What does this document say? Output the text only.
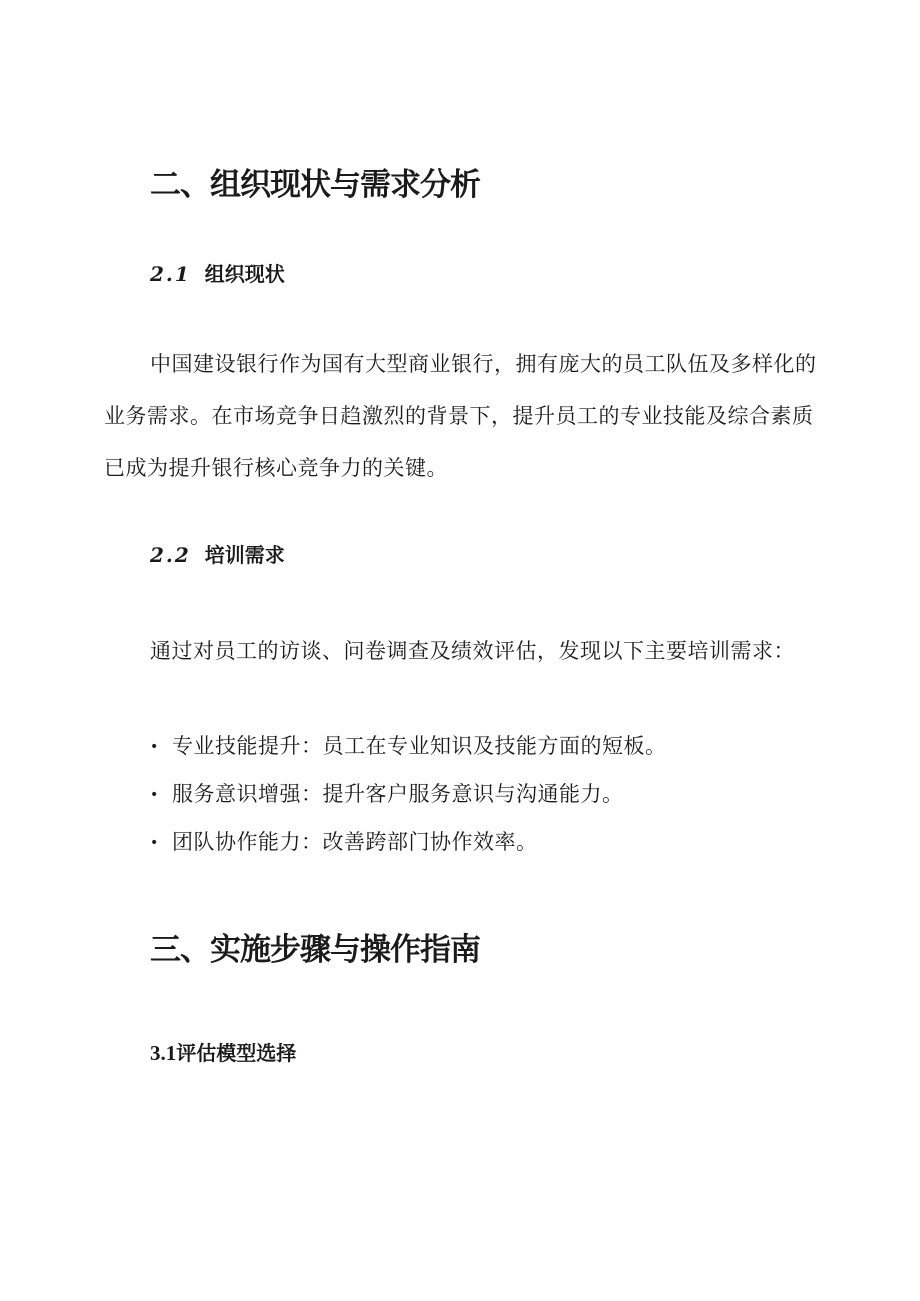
二、组织现状与需求分析
2.1 组织现状

中国建设银行作为国有大型商业银行，拥有庞大的员工队伍及多样化的业务需求。在市场竞争日趋激烈的背景下，提升员工的专业技能及综合素质已成为提升银行核心竞争力的关键。

2.2 培训需求

通过对员工的访谈、问卷调查及绩效评估，发现以下主要培训需求：

• 专业技能提升：员工在专业知识及技能方面的短板。
• 服务意识增强：提升客户服务意识与沟通能力。
• 团队协作能力：改善跨部门协作效率。
三、实施步骤与操作指南
3.1评估模型选择
